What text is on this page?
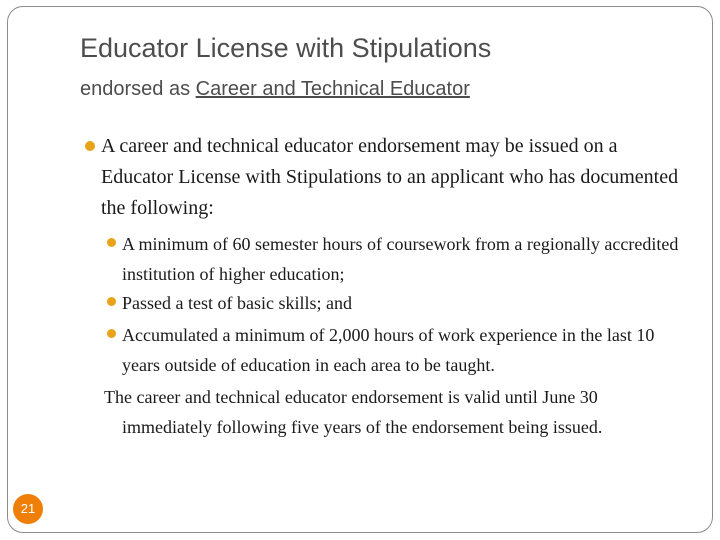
Educator License with Stipulations
endorsed as Career and Technical Educator
A career and technical educator endorsement may be issued on a Educator License with Stipulations to an applicant who has documented the following:
A minimum of 60 semester hours of coursework from a regionally accredited institution of higher education;
Passed a test of basic skills; and
Accumulated a minimum of 2,000 hours of work experience in the last 10 years outside of education in each area to be taught.
The career and technical educator endorsement is valid until June 30 immediately following five years of the endorsement being issued.
21
